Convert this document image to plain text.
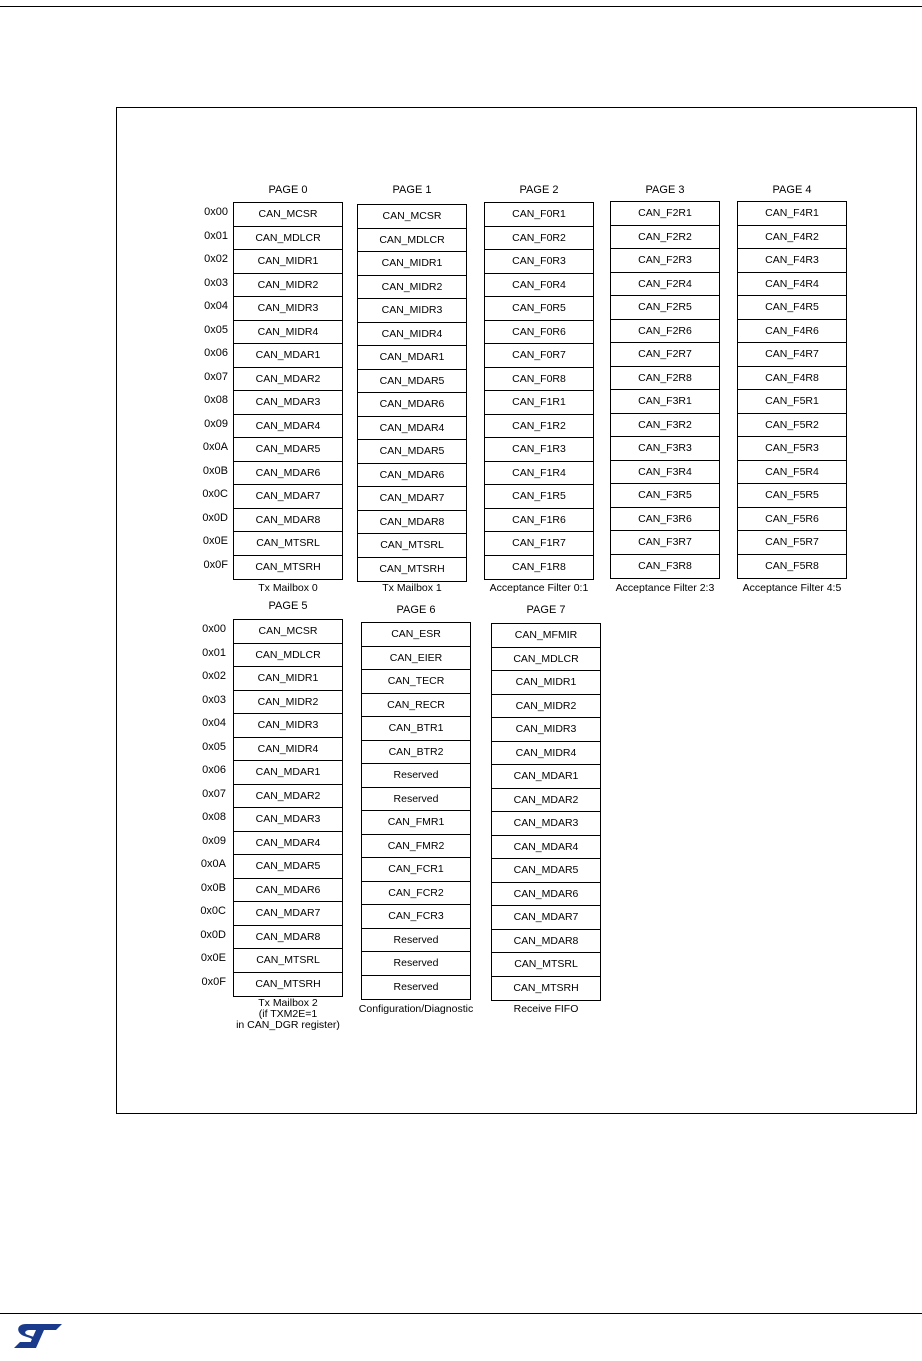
0x00
0x01
0x02
0x03
0x04
0x05
0x06
0x07
0x08
0x09
0x0A
0x0B
0x0C
0x0D
0x0E
0x0F
0x00
0x01
0x02
0x03
0x04
0x05
0x06
0x07
0x08
0x09
0x0A
0x0B
0x0C
0x0D
0x0E
0x0F
PAGE 0
CAN_MCSR
CAN_MDLCR
CAN_MIDR1
CAN_MIDR2
CAN_MIDR3
CAN_MIDR4
CAN_MDAR1
CAN_MDAR2
CAN_MDAR3
CAN_MDAR4
CAN_MDAR5
CAN_MDAR6
CAN_MDAR7
CAN_MDAR8
CAN_MTSRL
CAN_MTSRH
Tx Mailbox 0
PAGE 1
CAN_MCSR
CAN_MDLCR
CAN_MIDR1
CAN_MIDR2
CAN_MIDR3
CAN_MIDR4
CAN_MDAR1
CAN_MDAR5
CAN_MDAR6
CAN_MDAR4
CAN_MDAR5
CAN_MDAR6
CAN_MDAR7
CAN_MDAR8
CAN_MTSRL
CAN_MTSRH
Tx Mailbox 1
PAGE 2
CAN_F0R1
CAN_F0R2
CAN_F0R3
CAN_F0R4
CAN_F0R5
CAN_F0R6
CAN_F0R7
CAN_F0R8
CAN_F1R1
CAN_F1R2
CAN_F1R3
CAN_F1R4
CAN_F1R5
CAN_F1R6
CAN_F1R7
CAN_F1R8
Acceptance Filter 0:1
PAGE 3
CAN_F2R1
CAN_F2R2
CAN_F2R3
CAN_F2R4
CAN_F2R5
CAN_F2R6
CAN_F2R7
CAN_F2R8
CAN_F3R1
CAN_F3R2
CAN_F3R3
CAN_F3R4
CAN_F3R5
CAN_F3R6
CAN_F3R7
CAN_F3R8
Acceptance Filter 2:3
PAGE 4
CAN_F4R1
CAN_F4R2
CAN_F4R3
CAN_F4R4
CAN_F4R5
CAN_F4R6
CAN_F4R7
CAN_F4R8
CAN_F5R1
CAN_F5R2
CAN_F5R3
CAN_F5R4
CAN_F5R5
CAN_F5R6
CAN_F5R7
CAN_F5R8
Acceptance Filter 4:5
PAGE 5
CAN_MCSR
CAN_MDLCR
CAN_MIDR1
CAN_MIDR2
CAN_MIDR3
CAN_MIDR4
CAN_MDAR1
CAN_MDAR2
CAN_MDAR3
CAN_MDAR4
CAN_MDAR5
CAN_MDAR6
CAN_MDAR7
CAN_MDAR8
CAN_MTSRL
CAN_MTSRH
Tx Mailbox 2
(if TXM2E=1
in CAN_DGR register)
PAGE 6
CAN_ESR
CAN_EIER
CAN_TECR
CAN_RECR
CAN_BTR1
CAN_BTR2
Reserved
Reserved
CAN_FMR1
CAN_FMR2
CAN_FCR1
CAN_FCR2
CAN_FCR3
Reserved
Reserved
Reserved
Configuration/Diagnostic
PAGE 7
CAN_MFMIR
CAN_MDLCR
CAN_MIDR1
CAN_MIDR2
CAN_MIDR3
CAN_MIDR4
CAN_MDAR1
CAN_MDAR2
CAN_MDAR3
CAN_MDAR4
CAN_MDAR5
CAN_MDAR6
CAN_MDAR7
CAN_MDAR8
CAN_MTSRL
CAN_MTSRH
Receive FIFO
